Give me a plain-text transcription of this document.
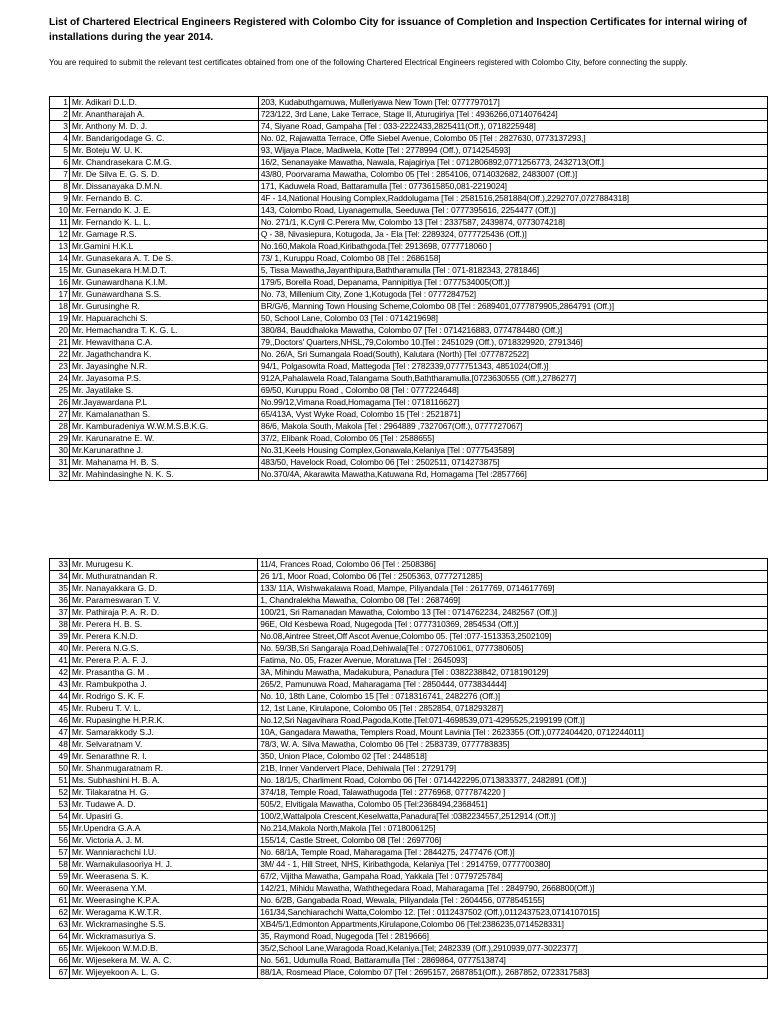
List of Chartered Electrical Engineers Registered with Colombo City for issuance of Completion and Inspection Certificates for internal wiring of installations during the year 2014.
You are required to submit the relevant test certificates obtained from one of the following Chartered Electrical Engineers registered with Colombo City, before connecting the supply.
1	Mr. Adikari D.L.D.	203, Kudabuthgamuwa, Mulleriyawa New Town [Tel: 0777797017]
2	Mr. Anantharajah A.	723/122, 3rd Lane, Lake Terrace, Stage II, Aturugiriya [Tel : 4936266,0714076424]
3	Mr. Anthony M. D. J.	74, Siyane Road, Gampaha [Tel : 033-2222433,2825411(Off.), 0718225948]
4	Mr. Bandarigodage G. C.	No. 02, Rajawatta Terrace, Offe Siebel Avenue, Colombo 05 [Tel : 2827630, 0773137293,]
5	Mr. Boteju W. U. K.	93, Wijaya Place, Madiwela, Kotte [Tel : 2778994 (Off.), 0714254593]
6	Mr. Chandrasekara C.M.G.	16/2, Senanayake Mawatha, Nawala, Rajagiriya [Tel : 0712806892,0771256773, 2432713(Off.]
7	Mr. De Silva E. G. S. D.	43/80, Poorvarama Mawatha, Colombo 05 [Tel : 2854106, 0714032682, 2483007 (Off.)]
8	Mr. Dissanayaka D.M.N.	171, Kaduwela Road, Battaramulla [Tel : 0773615850,081-2219024]
9	Mr. Fernando B. C.	4F - 14,National Housing Complex,Raddolugama [Tel : 2581516,2581884(Off.),2292707,0727884318]
10	Mr. Fernando K. J. E.	143, Colombo Road, Liyanagemulla, Seeduwa [Tel : 0777395616, 2254477 (Off.)]
11	Mr. Fernando K. L. L.	No. 271/1, K.Cyril C.Perera Mw, Colombo 13 [Tel : 2337587, 2439874, 0773074218]
12	Mr. Gamage R.S.	Q - 38, Nivasiepura, Kotugoda, Ja - Ela [Tel: 2289324, 0777725436 (Off.)]
13	Mr.Gamini H.K.L	No.160,Makola Road,Kiribathgoda.[Tel: 2913698, 0777718060 ]
14	Mr. Gunasekara A. T. De S.	73/ 1, Kuruppu Road, Colombo 08 [Tel : 2686158]
15	Mr. Gunasekara H.M.D.T.	5, Tissa Mawatha,Jayanthipura,Baththaramulla [Tel : 071-8182343, 2781846]
16	Mr. Gunawardhana K.I.M.	179/5, Borella Road, Depanama, Pannipitiya [Tel : 0777534005(Off.)]
17	Mr. Gunawardhana S.S.	No. 73, Millenium City, Zone 1,Kotugoda [Tel : 0777284752]
18	Mr. Gurusinghe R.	BR/G/6, Manning Town Housing Scheme,Colombo 08 [Tel : 2689401,0777879905,2864791 (Off.)]
19	Mr. Hapuarachchi S.	50, School Lane, Colombo 03 [Tel : 0714219698]
20	Mr. Hemachandra T. K. G. L.	380/84, Bauddhaloka Mawatha, Colombo 07 [Tel : 0714216883, 0774784480 (Off.)]
21	Mr. Hewavithana C.A.	79,,Doctors' Quarters,NHSL,79,Colombo 10.[Tel : 2451029 (Off.), 0718329920, 2791346]
22	Mr. Jagathchandra K.	No. 26/A, Sri Sumangala Road(South), Kalutara (North) [Tel :0777872522]
23	Mr. Jayasinghe N.R.	94/1, Polgasowita Road, Mattegoda [Tel : 2782339,0777751343, 4851024(Off.)]
24	Mr. Jayasoma P.S.	912A,Pahalawela Road,Talangama South,Baththaramulla.[0723630555 (Off.),2786277]
25	Mr. Jayatilake S.	69/50, Kuruppu Road , Colombo 08 [Tel : 0777224648]
26	Mr.Jayawardana P.L	No.99/12,Vimana Road,Homagama [Tel : 0718116627]
27	Mr. Kamalanathan S.	65/413A, Vyst Wyke Road, Colombo 15 [Tel : 2521871]
28	Mr. Kamburadeniya W.W.M.S.B.K.G.	86/6, Makola South, Makola [Tel : 2964889 ,7327067(Off.), 0777727067]
29	Mr. Karunaratne E. W.	37/2, Elibank Road, Colombo 05 [Tel : 2588655]
30	Mr.Karunarathne J.	No.31,Keels Housing Complex,Gonawala,Kelaniya [Tel : 0777543589]
31	Mr. Mahanama H. B. S.	483/50, Havelock Road, Colombo 06 [Tel : 2502511, 0714273875]
32	Mr. Mahindasinghe N. K. S.	No.370/4A, Akarawita Mawatha,Katuwana Rd, Homagama [Tel :2857766]
33	Mr. Murugesu K.	11/4, Frances Road, Colombo 06 [Tel : 2508386]
34	Mr. Muthuratnandan R.	26 1/1, Moor Road, Colombo 06 [Tel : 2505363, 0777271285]
35	Mr. Nanayakkara G. D.	133/ 11A, Wishwakalawa Road, Mampe, Piliyandala [Tel : 2617769, 0714617769]
36	Mr. Parameswaran T. V.	1, Chandralekha Mawatha, Colombo 08 [Tel : 2687469]
37	Mr. Pathiraja P. A. R. D.	100/21, Sri Ramanadan Mawatha, Colombo 13 [Tel : 0714762234, 2482567 (Off.)]
38	Mr. Perera H. B. S.	96E, Old Kesbewa Road, Nugegoda [Tel : 0777310369, 2854534 (Off.)]
39	Mr. Perera K.N.D.	No.08,Aintree Street,Off Ascot Avenue,Colombo 05. [Tel :077-1513353,2502109]
40	Mr. Perera N.G.S.	No. 59/3B,Sri Sangaraja Road,Dehiwala[Tel : 0727061061, 0777380605]
41	Mr. Perera P. A. F. J.	Fatima, No. 05, Frazer Avenue, Moratuwa [Tel : 2645093]
42	Mr. Prasantha G. M .	3A, Mihindu Mawatha, Madakubura, Panadura [Tel : 0382238842, 0718190129]
43	Mr. Rambukpotha J.	265/2, Pamunuwa Road, Maharagama [Tel : 2850444, 0773834444]
44	Mr. Rodrigo S. K. F.	No. 10, 18th Lane, Colombo 15 [Tel : 0718316741, 2482276 (Off.)]
45	Mr. Ruberu T. V. L.	12, 1st Lane, Kirulapone, Colombo 05 [Tel : 2852854, 0718293287]
46	Mr. Rupasinghe H.P.R.K.	No.12,Sri Nagavihara Road,Pagoda,Kotte.[Tel:071-4698539,071-4295525,2199199 (Off.)]
47	Mr. Samarakkody S.J.	10A, Gangadara Mawatha, Templers Road, Mount Lavinia [Tel : 2623355 (Off.),0772404420, 0712244011]
48	Mr. Selvaratnam V.	78/3, W. A. Silva Mawatha, Colombo 06 [Tel : 2583739, 0777783835]
49	Mr. Senarathne R. I.	350, Union Place, Colombo 02 [Tel : 2448518]
50	Mr. Shanmugaratnam R.	21B, Inner Vandervert Place, Dehiwala [Tel : 2729179]
51	Ms. Subhashini H. B. A.	No. 18/1/5, Charliment Road, Colombo 06 [Tel : 0714422295,0713833377, 2482891 (Off.)]
52	Mr. Tilakaratna H. G.	374/18, Temple Road, Talawathugoda [Tel : 2776968, 0777874220 ]
53	Mr. Tudawe A. D.	505/2, Elvitigala Mawatha, Colombo 05 [Tel:2368494,2368451]
54	Mr. Upasiri G.	100/2,Wattalpola Crescent,Keselwatta,Panadura[Tel :0382234557,2512914 (Off.)]
55	Mr.Upendra G.A.A	No.214,Makola North,Makola [Tel : 0718006125]
56	Mr. Victoria A. J. M.	155/14, Castle Street, Colombo 08 [Tel : 2697706]
57	Mr. Wanniarachchi I.U.	No. 68/1A, Temple Road, Maharagama [Tel : 2844275, 2477476 (Off.)]
58	Mr. Warnakulasooriya H. J.	3M/ 44 - 1, Hill Street, NHS, Kiribathgoda, Kelaniya [Tel : 2914759, 0777700380]
59	Mr. Weerasena S. K.	67/2, Vijitha Mawatha, Gampaha Road, Yakkala [Tel : 0779725784]
60	Mr. Weerasena Y.M.	142/21, Mihidu Mawatha, Waththegedara Road, Maharagama [Tel : 2849790, 2668800(Off.)]
61	Mr. Weerasinghe K.P.A.	No. 6/2B, Gangabada Road, Wewala, Piliyandala [Tel : 2604456, 0778545155]
62	Mr. Weragama K.W.T.R.	161/34,Sanchiarachchi Watta,Colombo 12. [Tel : 0112437502 (Off.),0112437523,0714107015]
63	Mr. Wickramasinghe S.S.	XB4/5/1,Edmonton Appartments,Kirulapone,Colombo 06 [Tel:2386235,0714528331]
64	Mr. Wickramasuriya S.	35, Raymond Road, Nugegoda [Tel : 2819666]
65	Mr. Wijekoon W.M.D.B.	35/2,School Lane,Waragoda Road,Kelaniya.[Tel; 2482339 (Off.),2910939,077-3022377]
66	Mr. Wijesekera M. W. A. C.	No. 561, Udumulla Road, Battaramulla [Tel : 2869864, 0777513874]
67	Mr. Wijeyekoon A. L. G.	88/1A, Rosmead Place, Colombo 07 [Tel : 2695157, 2687851(Off.), 2687852, 0723317583]
